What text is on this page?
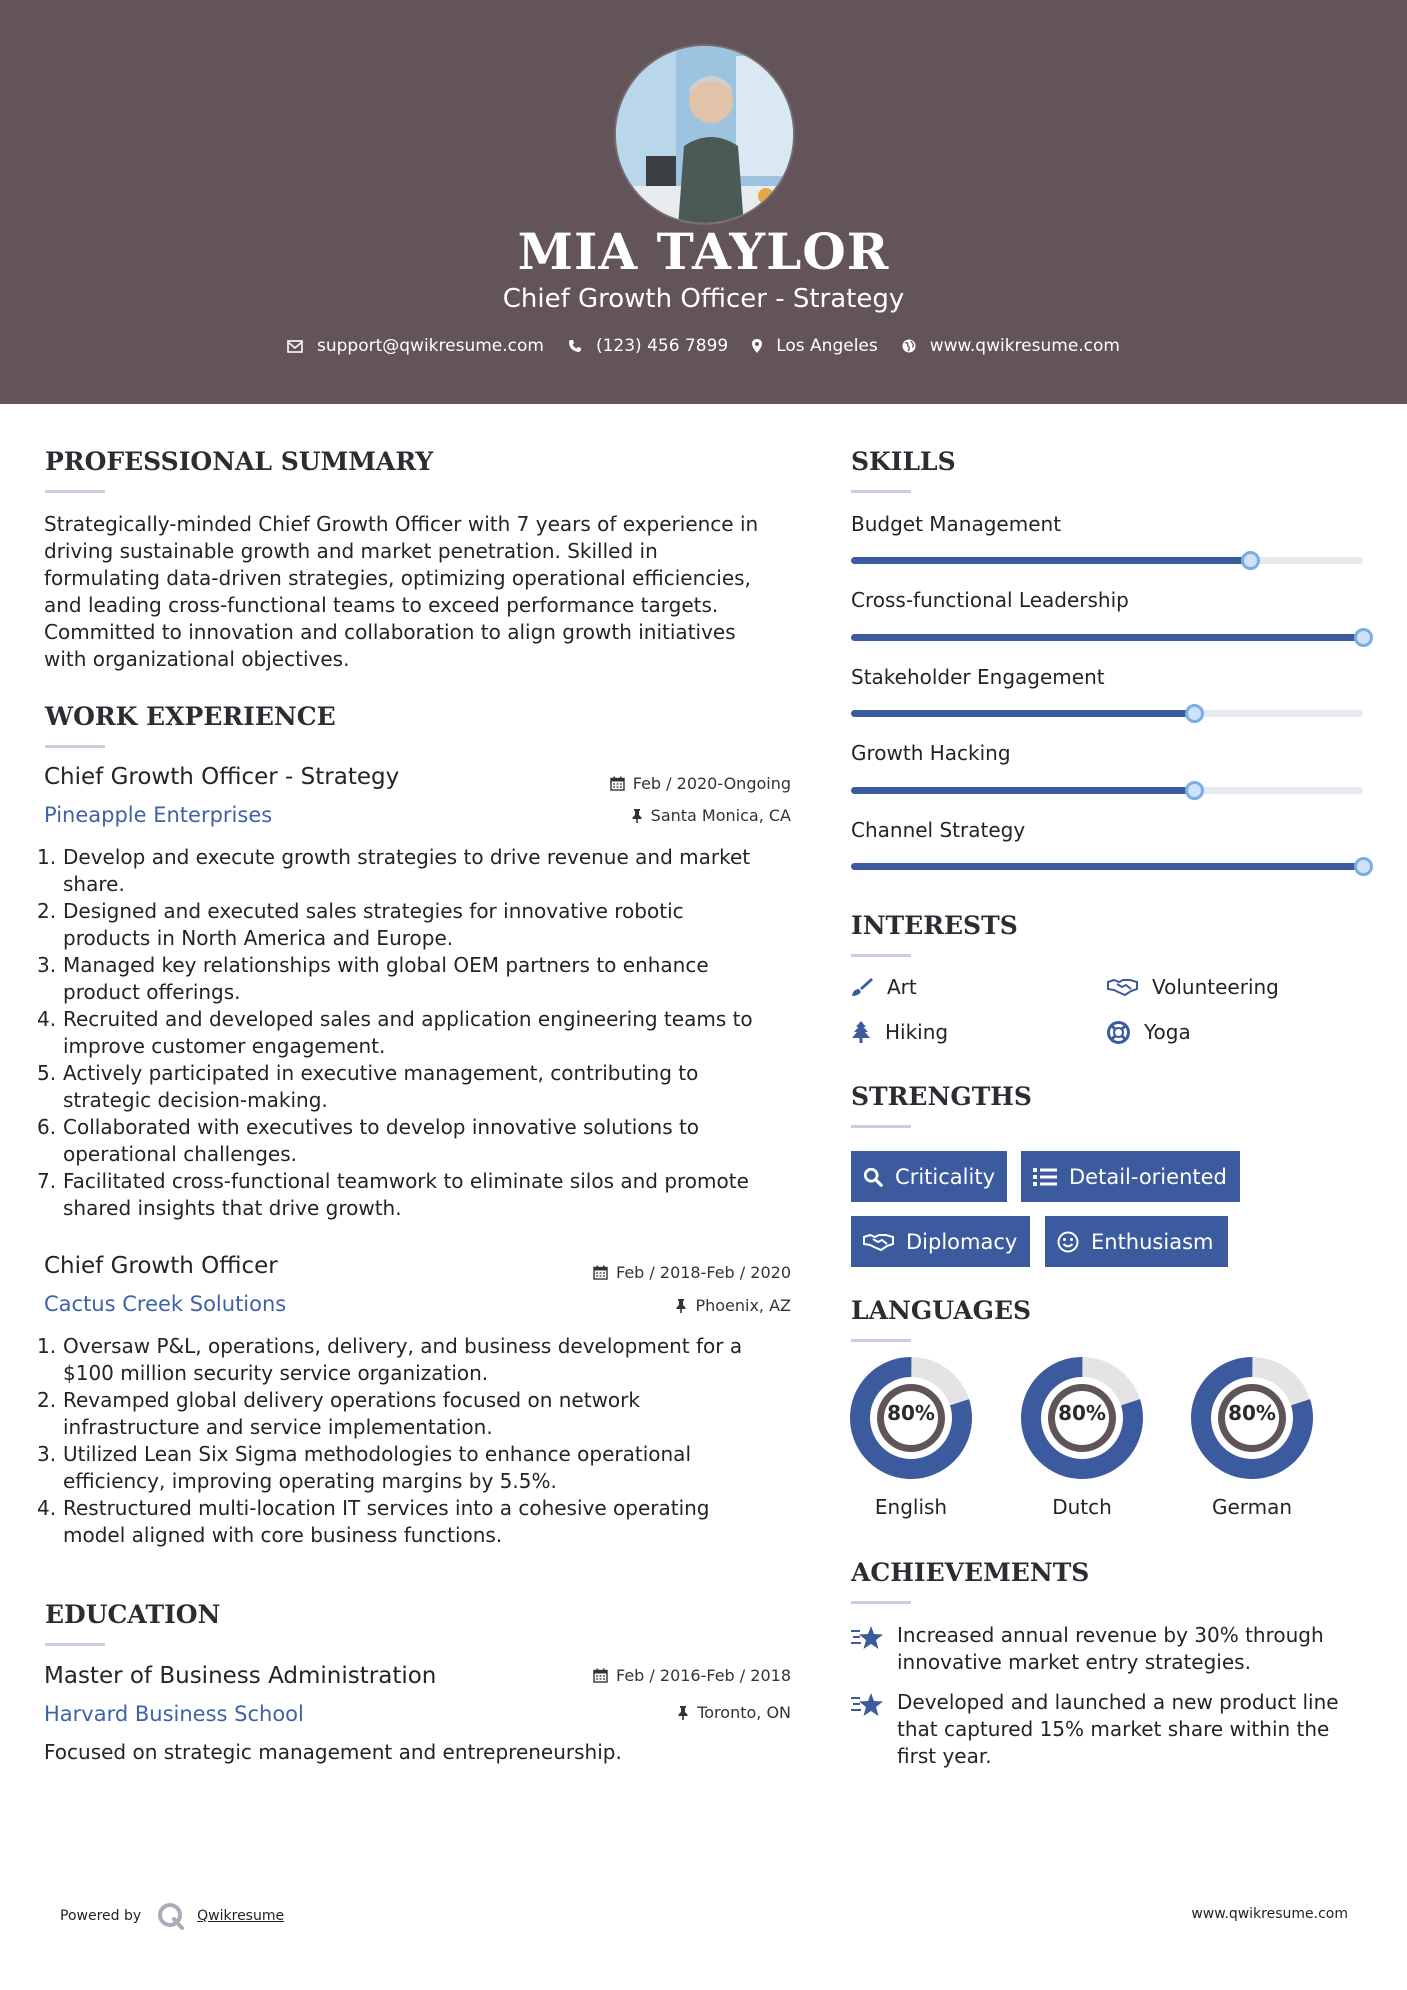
MIA TAYLOR
Chief Growth Officer - Strategy
support@qwikresume.com	(123) 456 7899	Los Angeles	www.qwikresume.com
PROFESSIONAL SUMMARY
Strategically-minded Chief Growth Officer with 7 years of experience in
driving sustainable growth and market penetration. Skilled in
formulating data-driven strategies, optimizing operational efficiencies,
and leading cross-functional teams to exceed performance targets.
Committed to innovation and collaboration to align growth initiatives
with organizational objectives.
WORK EXPERIENCE
Chief Growth Officer - Strategy
Pineapple Enterprises
Feb / 2020-Ongoing
Santa Monica, CA
1. Develop and execute growth strategies to drive revenue and market
share.
2. Designed and executed sales strategies for innovative robotic
products in North America and Europe.
3. Managed key relationships with global OEM partners to enhance
product offerings.
4. Recruited and developed sales and application engineering teams to
improve customer engagement.
5. Actively participated in executive management, contributing to
strategic decision-making.
6. Collaborated with executives to develop innovative solutions to
operational challenges.
7. Facilitated cross-functional teamwork to eliminate silos and promote
shared insights that drive growth.
Chief Growth Officer
Cactus Creek Solutions
Feb / 2018-Feb / 2020
Phoenix, AZ
1. Oversaw P&L, operations, delivery, and business development for a
$100 million security service organization.
2. Revamped global delivery operations focused on network
infrastructure and service implementation.
3. Utilized Lean Six Sigma methodologies to enhance operational
efficiency, improving operating margins by 5.5%.
4. Restructured multi-location IT services into a cohesive operating
model aligned with core business functions.
EDUCATION
Master of Business Administration
Harvard Business School
Feb / 2016-Feb / 2018
Toronto, ON
Focused on strategic management and entrepreneurship.
SKILLS
Budget Management
Cross-functional Leadership
Stakeholder Engagement
Growth Hacking
Channel Strategy
INTERESTS
Art	Volunteering
Hiking	Yoga
STRENGTHS
Criticality	Detail-oriented
Diplomacy	Enthusiasm
LANGUAGES
80%
English
80%
Dutch
80%
German
ACHIEVEMENTS
Increased annual revenue by 30% through
innovative market entry strategies.
Developed and launched a new product line
that captured 15% market share within the
first year.
Powered by	Qwikresume	www.qwikresume.com
